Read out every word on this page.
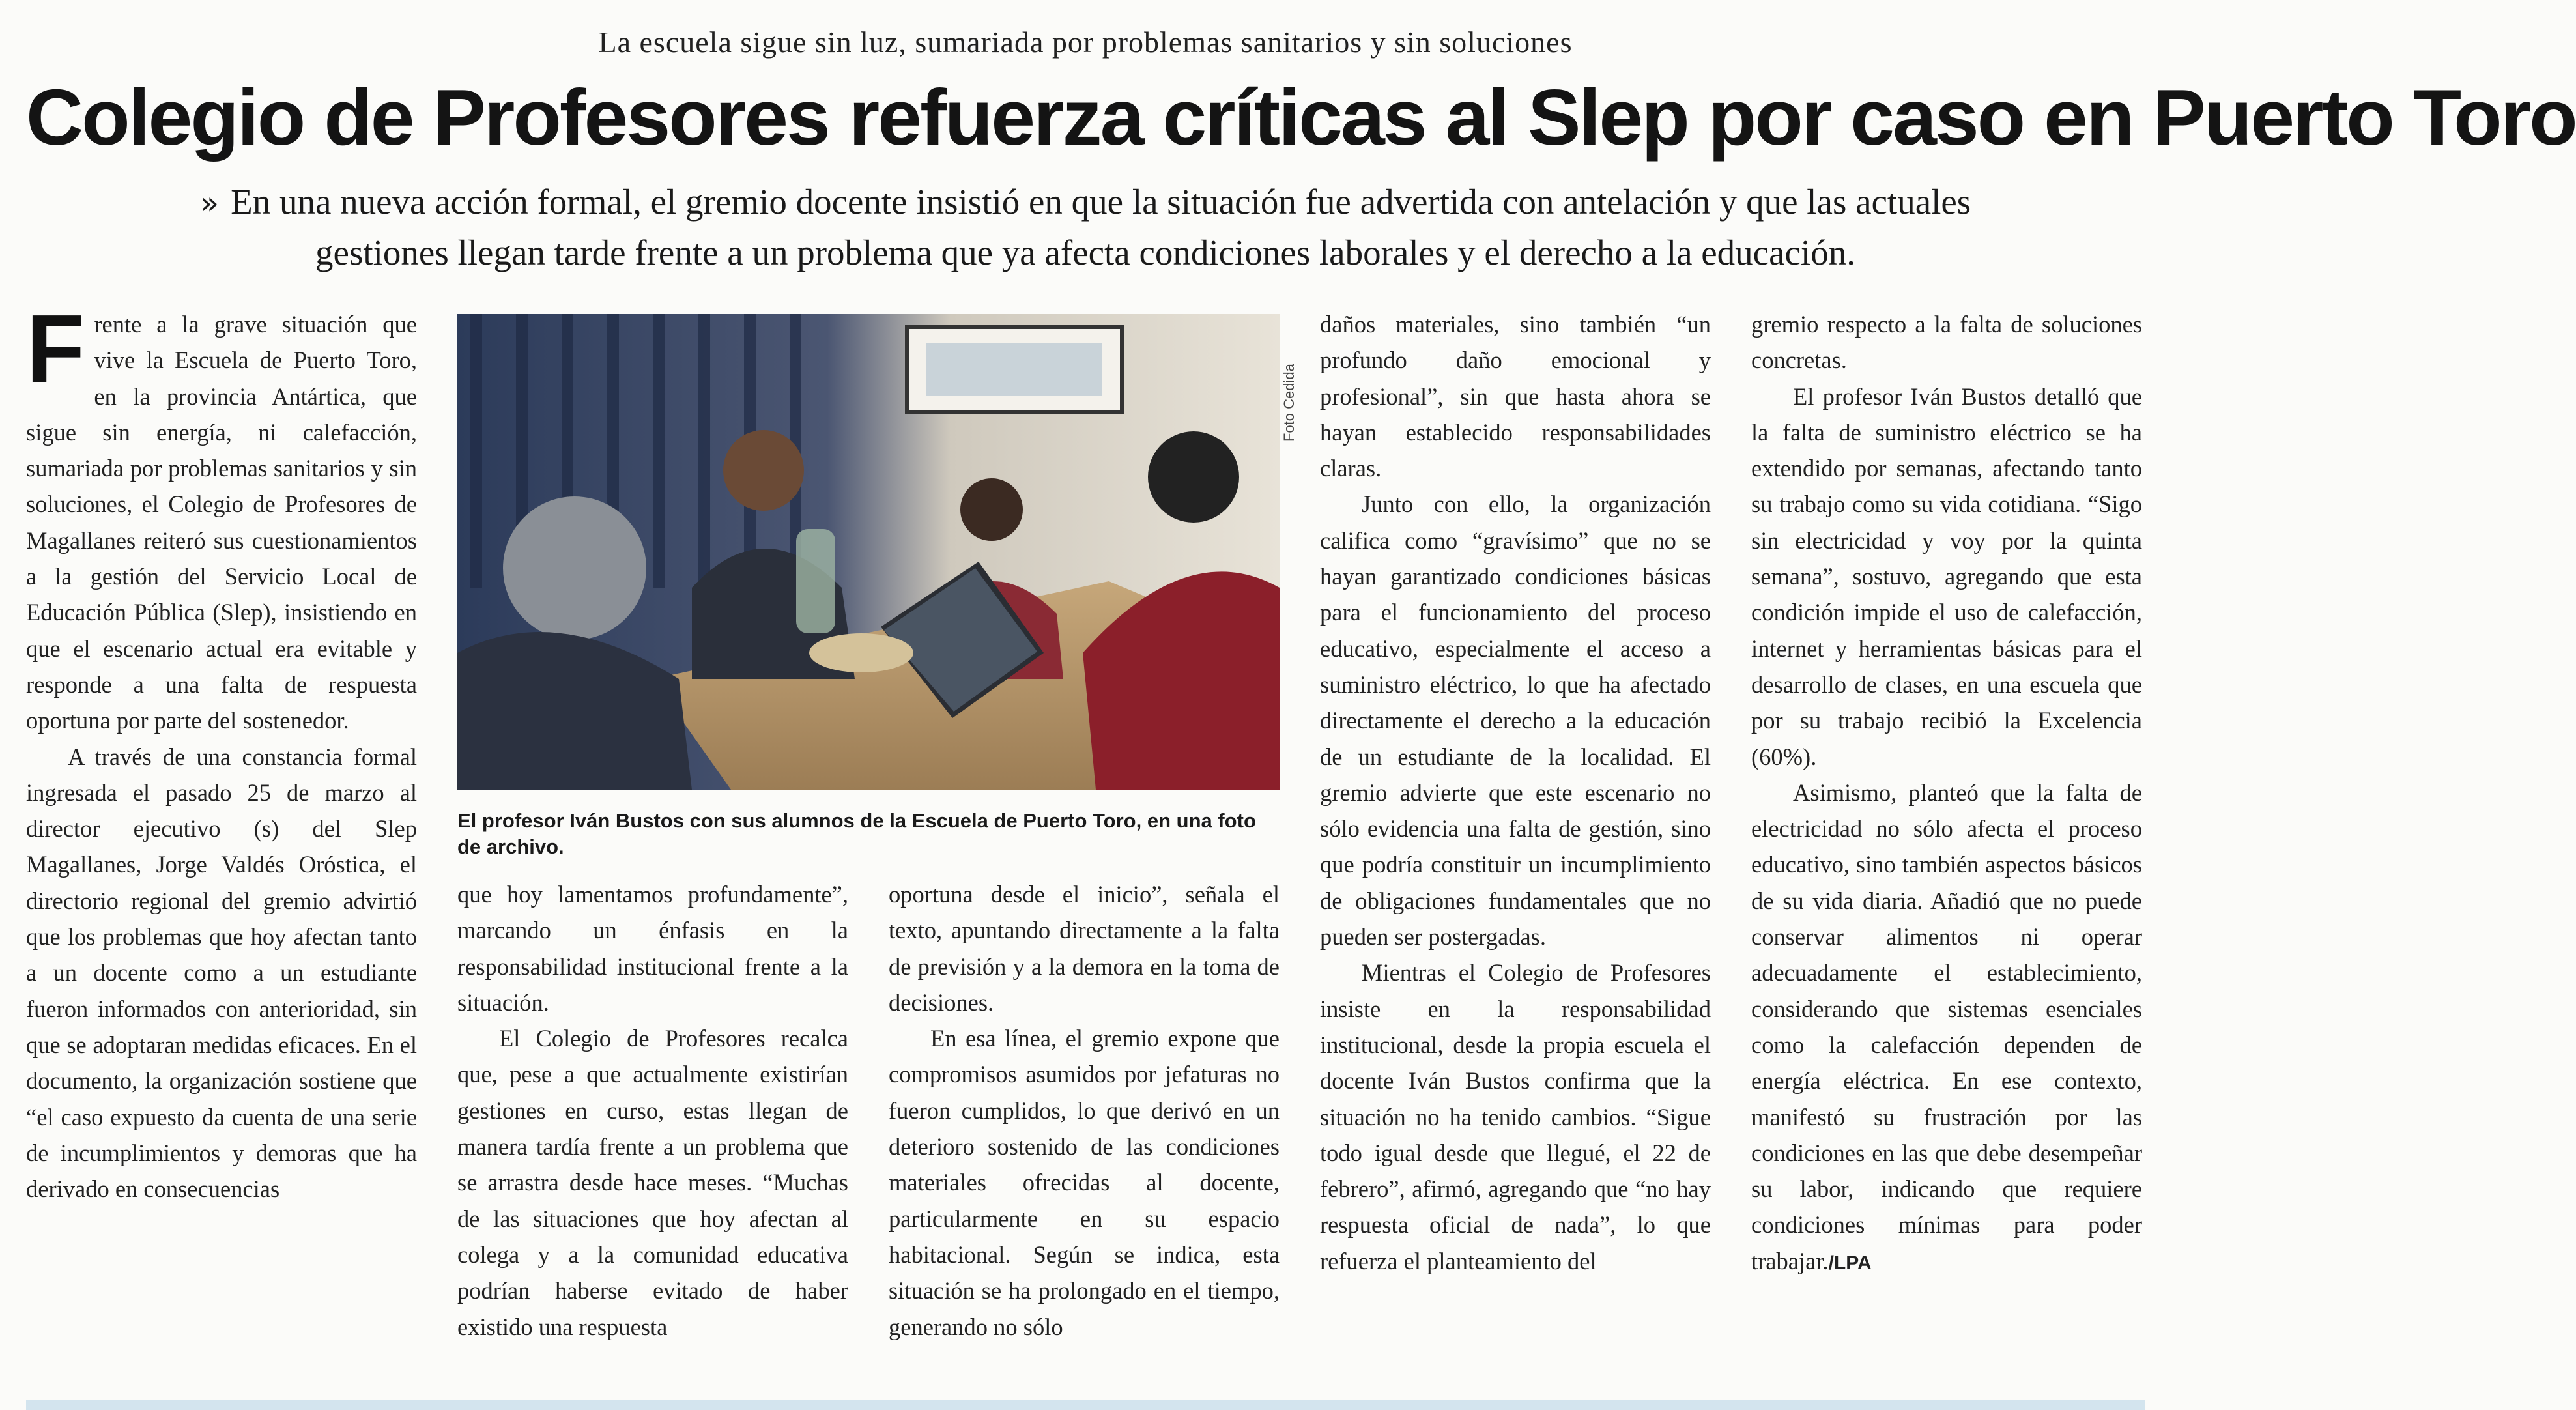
La escuela sigue sin luz, sumariada por problemas sanitarios y sin soluciones
Colegio de Profesores refuerza críticas al Slep por caso en Puerto Toro
» En una nueva acción formal, el gremio docente insistió en que la situación fue advertida con antelación y que las actuales gestiones llegan tarde frente a un problema que ya afecta condiciones laborales y el derecho a la educación.

Frente a la grave situación que vive la Escuela de Puerto Toro, en la provincia Antártica, que sigue sin energía, ni calefacción, sumariada por problemas sanitarios y sin soluciones, el Colegio de Profesores de Magallanes reiteró sus cuestionamientos a la gestión del Servicio Local de Educación Pública (Slep), insistiendo en que el escenario actual era evitable y responde a una falta de respuesta oportuna por parte del sostenedor.

A través de una constancia formal ingresada el pasado 25 de marzo al director ejecutivo (s) del Slep Magallanes, Jorge Valdés Oróstica, el directorio regional del gremio advirtió que los problemas que hoy afectan tanto a un docente como a un estudiante fueron informados con anterioridad, sin que se adoptaran medidas eficaces. En el documento, la organización sostiene que “el caso expuesto da cuenta de una serie de incumplimientos y demoras que ha derivado en consecuencias

Foto Cedida
El profesor Iván Bustos con sus alumnos de la Escuela de Puerto Toro, en una foto de archivo.

que hoy lamentamos profundamente”, marcando un énfasis en la responsabilidad institucional frente a la situación.

El Colegio de Profesores recalca que, pese a que actualmente existirían gestiones en curso, estas llegan de manera tardía frente a un problema que se arrastra desde hace meses. “Muchas de las situaciones que hoy afectan al colega y a la comunidad educativa podrían haberse evitado de haber existido una respuesta

oportuna desde el inicio”, señala el texto, apuntando directamente a la falta de previsión y a la demora en la toma de decisiones.

En esa línea, el gremio expone que compromisos asumidos por jefaturas no fueron cumplidos, lo que derivó en un deterioro sostenido de las condiciones materiales ofrecidas al docente, particularmente en su espacio habitacional. Según se indica, esta situación se ha prolongado en el tiempo, generando no sólo

daños materiales, sino también “un profundo daño emocional y profesional”, sin que hasta ahora se hayan establecido responsabilidades claras.

Junto con ello, la organización califica como “gravísimo” que no se hayan garantizado condiciones básicas para el funcionamiento del proceso educativo, especialmente el acceso a suministro eléctrico, lo que ha afectado directamente el derecho a la educación de un estudiante de la localidad. El gremio advierte que este escenario no sólo evidencia una falta de gestión, sino que podría constituir un incumplimiento de obligaciones fundamentales que no pueden ser postergadas.

Mientras el Colegio de Profesores insiste en la responsabilidad institucional, desde la propia escuela el docente Iván Bustos confirma que la situación no ha tenido cambios. “Sigue todo igual desde que llegué, el 22 de febrero”, afirmó, agregando que “no hay respuesta oficial de nada”, lo que refuerza el planteamiento del

gremio respecto a la falta de soluciones concretas.

El profesor Iván Bustos detalló que la falta de suministro eléctrico se ha extendido por semanas, afectando tanto su trabajo como su vida cotidiana. “Sigo sin electricidad y voy por la quinta semana”, sostuvo, agregando que esta condición impide el uso de calefacción, internet y herramientas básicas para el desarrollo de clases, en una escuela que por su trabajo recibió la Excelencia (60%).

Asimismo, planteó que la falta de electricidad no sólo afecta el proceso educativo, sino también aspectos básicos de su vida diaria. Añadió que no puede conservar alimentos ni operar adecuadamente el establecimiento, considerando que sistemas esenciales como la calefacción dependen de energía eléctrica. En ese contexto, manifestó su frustración por las condiciones en las que debe desempeñar su labor, indicando que requiere condiciones mínimas para poder trabajar./LPA
